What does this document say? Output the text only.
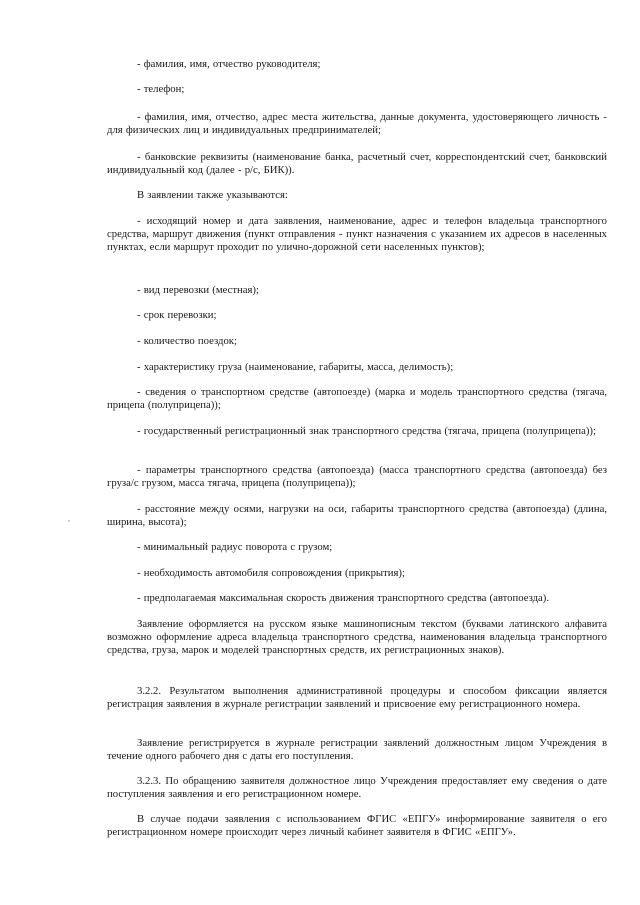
- фамилия, имя, отчество руководителя;

- телефон;

- фамилия, имя, отчество, адрес места жительства, данные документа, удостоверяющего личность - для физических лиц и индивидуальных предпринимателей;

- банковские реквизиты (наименование банка, расчетный счет, корреспондентский счет, банковский индивидуальный код (далее - р/с, БИК)).

В заявлении также указываются:

- исходящий номер и дата заявления, наименование, адрес и телефон владельца транспортного средства, маршрут движения (пункт отправления - пункт назначения с указанием их адресов в населенных пунктах, если маршрут проходит по улично-дорожной сети населенных пунктов);

- вид перевозки (местная);

- срок перевозки;

- количество поездок;

- характеристику груза (наименование, габариты, масса, делимость);

- сведения о транспортном средстве (автопоезде) (марка и модель транспортного средства (тягача, прицепа (полуприцепа));

- государственный регистрационный знак транспортного средства (тягача, прицепа (полуприцепа));

- параметры транспортного средства (автопоезда) (масса транспортного средства (автопоезда) без груза/с грузом, масса тягача, прицепа (полуприцепа));

- расстояние между осями, нагрузки на оси, габариты транспортного средства (автопоезда) (длина, ширина, высота);

- минимальный радиус поворота с грузом;

- необходимость автомобиля сопровождения (прикрытия);

- предполагаемая максимальная скорость движения транспортного средства (автопоезда).

Заявление оформляется на русском языке машинописным текстом (буквами латинского алфавита возможно оформление адреса владельца транспортного средства, наименования владельца транспортного средства, груза, марок и моделей транспортных средств, их регистрационных знаков).

3.2.2. Результатом выполнения административной процедуры и способом фиксации является регистрация заявления в журнале регистрации заявлений и присвоение ему регистрационного номера.

Заявление регистрируется в журнале регистрации заявлений должностным лицом Учреждения в течение одного рабочего дня с даты его поступления.

3.2.3. По обращению заявителя должностное лицо Учреждения предоставляет ему сведения о дате поступления заявления и его регистрационном номере.

В случае подачи заявления с использованием ФГИС «ЕПГУ» информирование заявителя о его регистрационном номере происходит через личный кабинет заявителя в ФГИС «ЕПГУ».
